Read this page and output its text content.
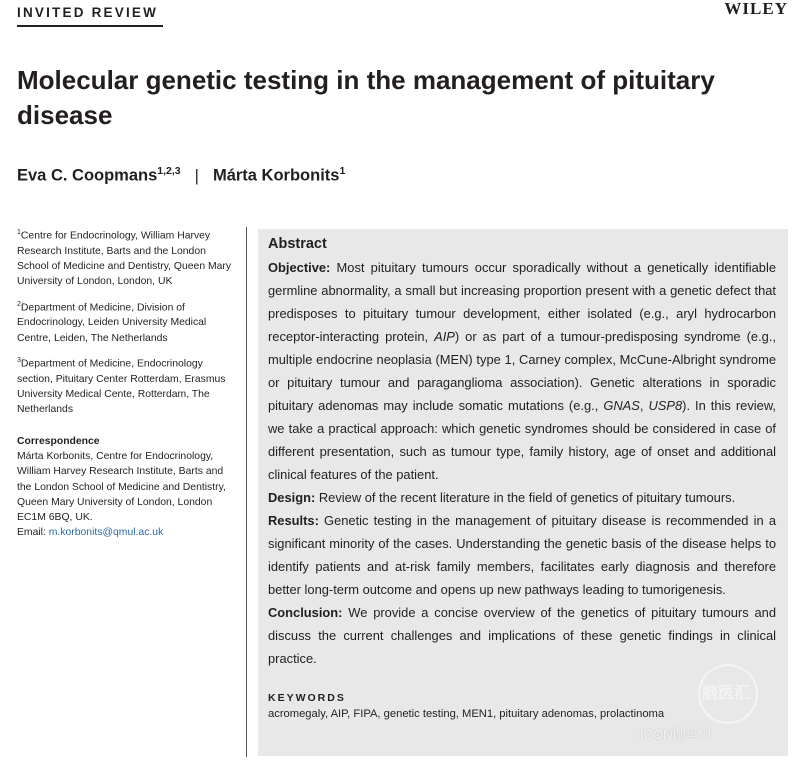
INVITED REVIEW	WILEY
Molecular genetic testing in the management of pituitary disease
Eva C. Coopmans$^{1,2,3}$ | Márta Korbonits$^1$

$^1$Centre for Endocrinology, William Harvey Research Institute, Barts and the London School of Medicine and Dentistry, Queen Mary University of London, London, UK

$^2$Department of Medicine, Division of Endocrinology, Leiden University Medical Centre, Leiden, The Netherlands

$^3$Department of Medicine, Endocrinology section, Pituitary Center Rotterdam, Erasmus University Medical Cente, Rotterdam, The Netherlands

Correspondence

Márta Korbonits, Centre for Endocrinology, William Harvey Research Institute, Barts and the London School of Medicine and Dentistry, Queen Mary University of London, London EC1M 6BQ, UK.
Email: m.korbonits@qmul.ac.uk

Abstract

Objective: Most pituitary tumours occur sporadically without a genetically identifiable germline abnormality, a small but increasing proportion present with a genetic defect that predisposes to pituitary tumour development, either isolated (e.g., aryl hydrocarbon receptor-interacting protein, AIP) or as part of a tumour-predisposing syndrome (e.g., multiple endocrine neoplasia (MEN) type 1, Carney complex, McCune-Albright syndrome or pituitary tumour and paraganglioma association). Genetic alterations in sporadic pituitary adenomas may include somatic mutations (e.g., GNAS, USP8). In this review, we take a practical approach: which genetic syndromes should be considered in case of different presentation, such as tumour type, family history, age of onset and additional clinical features of the patient.

Design: Review of the recent literature in the field of genetics of pituitary tumours.

Results: Genetic testing in the management of pituitary disease is recommended in a significant minority of the cases. Understanding the genetic basis of the disease helps to identify patients and at-risk family members, facilitates early diagnosis and therefore better long-term outcome and opens up new pathways leading to tumorigenesis.

Conclusion: We provide a concise overview of the genetics of pituitary tumours and discuss the current challenges and implications of these genetic findings in clinical practice.

KEYWORDS
acromegaly, AIP, FIPA, genetic testing, MEN1, pituitary adenomas, prolactinoma
脑医汇
ICON伽玛刀
